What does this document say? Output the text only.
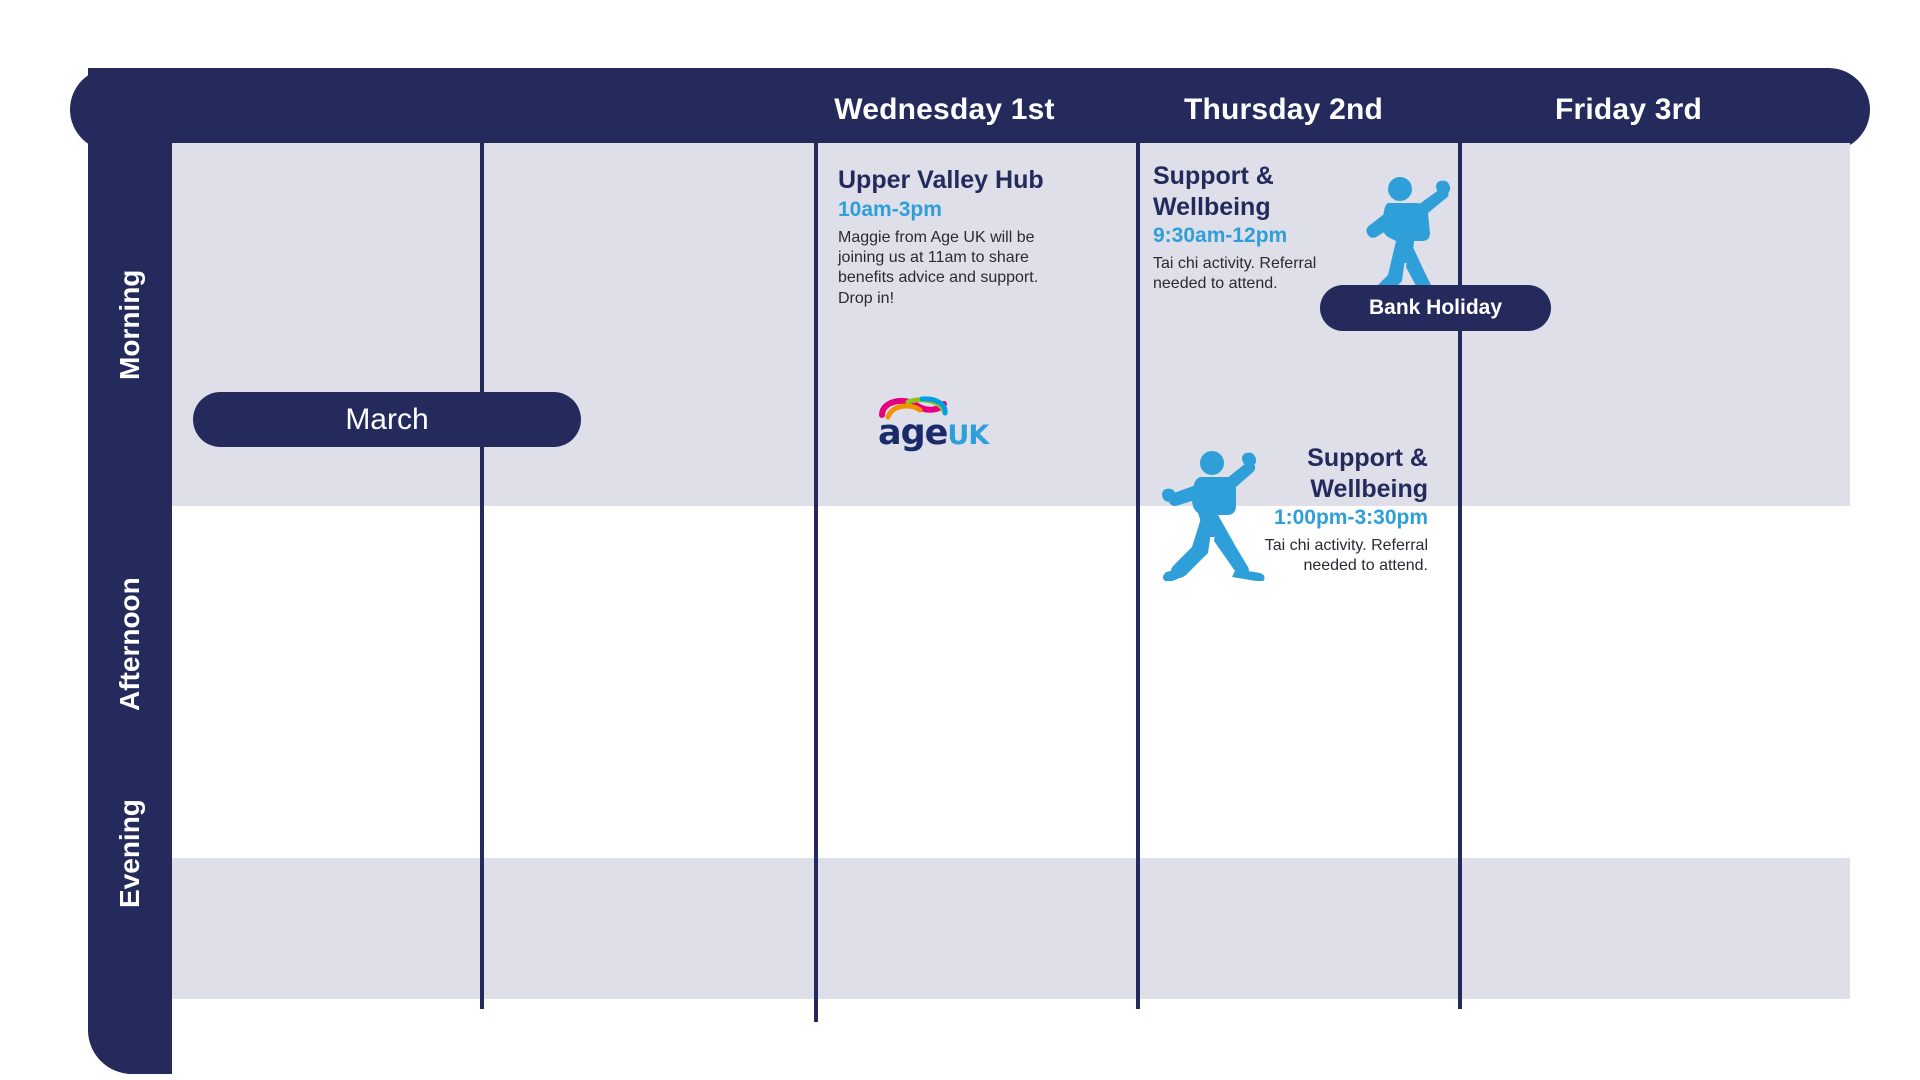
Wednesday 1st	Thursday 2nd	Friday 3rd
Morning
Afternoon
Evening
Upper Valley Hub
10am-3pm
Maggie from Age UK will be joining us at 11am to share benefits advice and support. Drop in!
ageUK
Support & Wellbeing
9:30am-12pm
Tai chi activity. Referral needed to attend.
Support & Wellbeing
1:00pm-3:30pm
Tai chi activity. Referral needed to attend.
Bank Holiday
March
